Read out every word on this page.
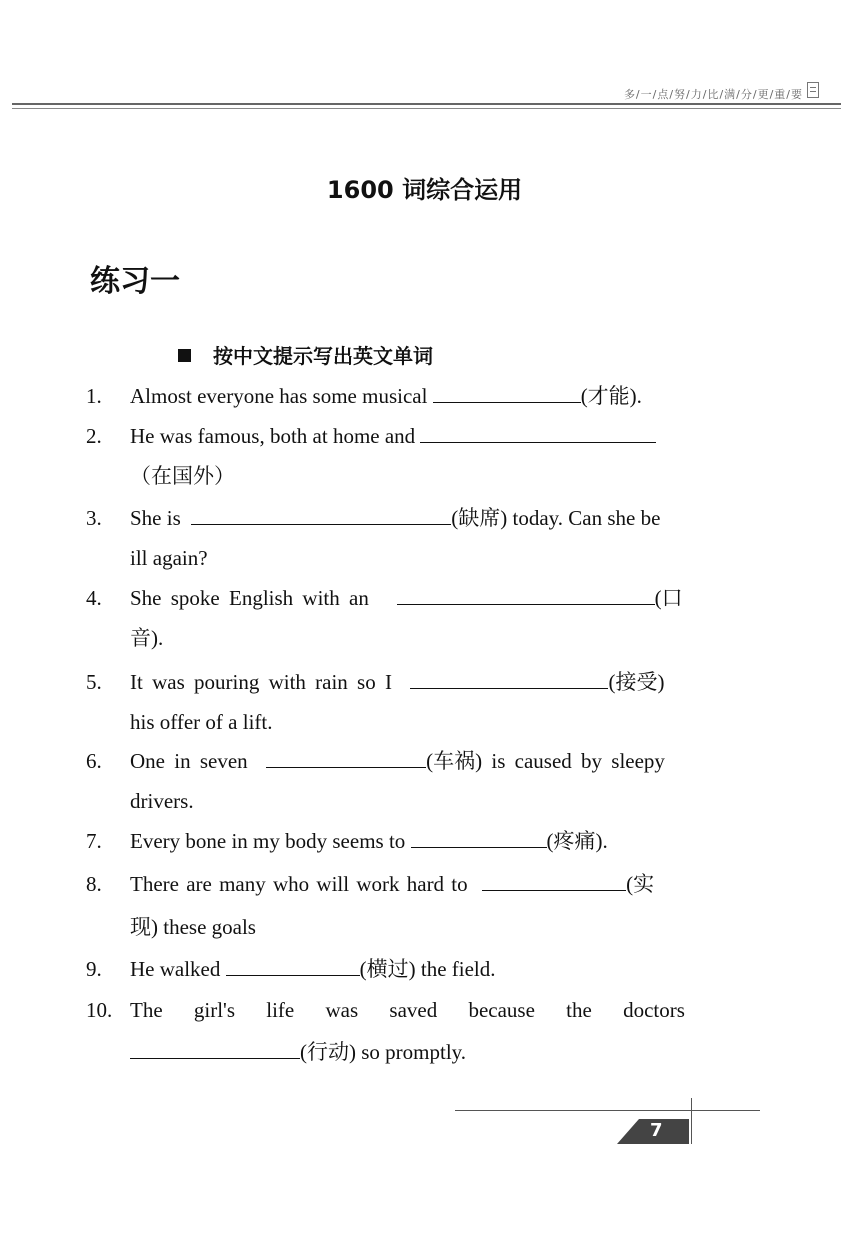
多/一/点/努/力/比/满/分/更/重/要
1600 词综合运用
练习一
按中文提示写出英文单词
1.	Almost everyone has some musical	(才能).
2.	He was famous, both at home and
（在国外）
3.	She is	(缺席) today. Can she be
ill again?
4.	She spoke English with an	(口
音).
5.	It was pouring with rain so I	(接受)
his offer of a lift.
6.	One in seven	(车祸) is caused by sleepy
drivers.
7.	Every bone in my body seems to	(疼痛).
8.	There are many who will work hard to	(实
现) these goals
9.	He walked	(横过) the field.
10. The girl's life was saved because the doctors
(行动) so promptly.
7
